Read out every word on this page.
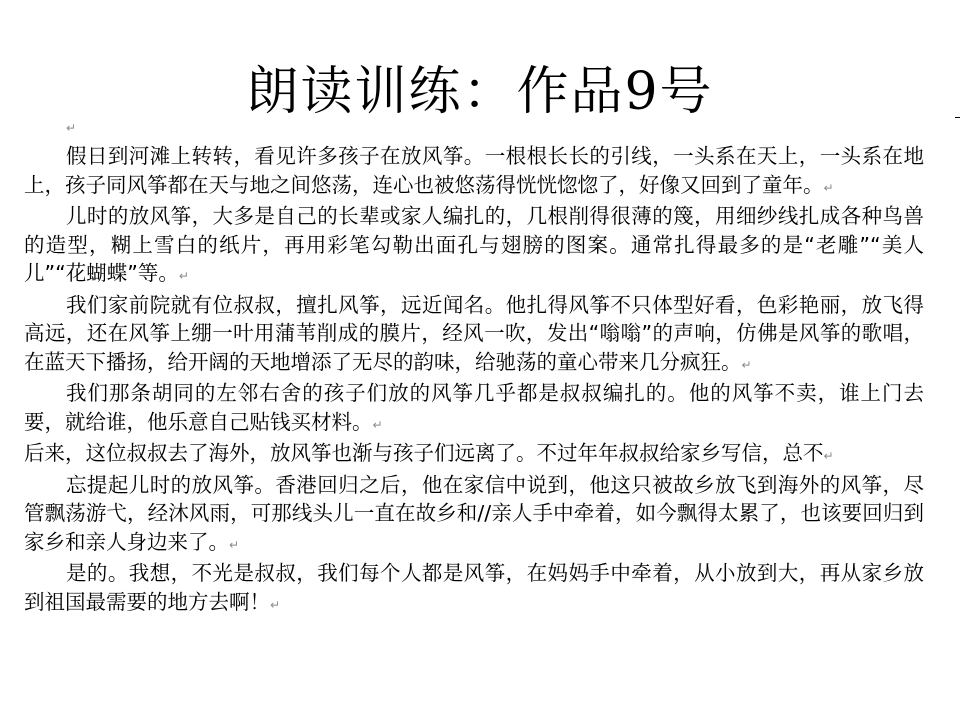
朗读训练：作品9号
↵

假日到河滩上转转，看见许多孩子在放风筝。一根根长长的引线，一头系在天上，一头系在地上，孩子同风筝都在天与地之间悠荡，连心也被悠荡得恍恍惚惚了，好像又回到了童年。↵

儿时的放风筝，大多是自己的长辈或家人编扎的，几根削得很薄的篾，用细纱线扎成各种鸟兽的造型，糊上雪白的纸片，再用彩笔勾勒出面孔与翅膀的图案。通常扎得最多的是“老雕”“美人儿”“花蝴蝶”等。↵

我们家前院就有位叔叔，擅扎风筝，远近闻名。他扎得风筝不只体型好看，色彩艳丽，放飞得高远，还在风筝上绷一叶用蒲苇削成的膜片，经风一吹，发出“嗡嗡”的声响，仿佛是风筝的歌唱，在蓝天下播扬，给开阔的天地增添了无尽的韵味，给驰荡的童心带来几分疯狂。↵

我们那条胡同的左邻右舍的孩子们放的风筝几乎都是叔叔编扎的。他的风筝不卖，谁上门去要，就给谁，他乐意自己贴钱买材料。↵

后来，这位叔叔去了海外，放风筝也渐与孩子们远离了。不过年年叔叔给家乡写信，总不↵

忘提起儿时的放风筝。香港回归之后，他在家信中说到，他这只被故乡放飞到海外的风筝，尽管飘荡游弋，经沐风雨，可那线头儿一直在故乡和//亲人手中牵着，如今飘得太累了，也该要回归到家乡和亲人身边来了。↵

是的。我想，不光是叔叔，我们每个人都是风筝，在妈妈手中牵着，从小放到大，再从家乡放到祖国最需要的地方去啊！↵
